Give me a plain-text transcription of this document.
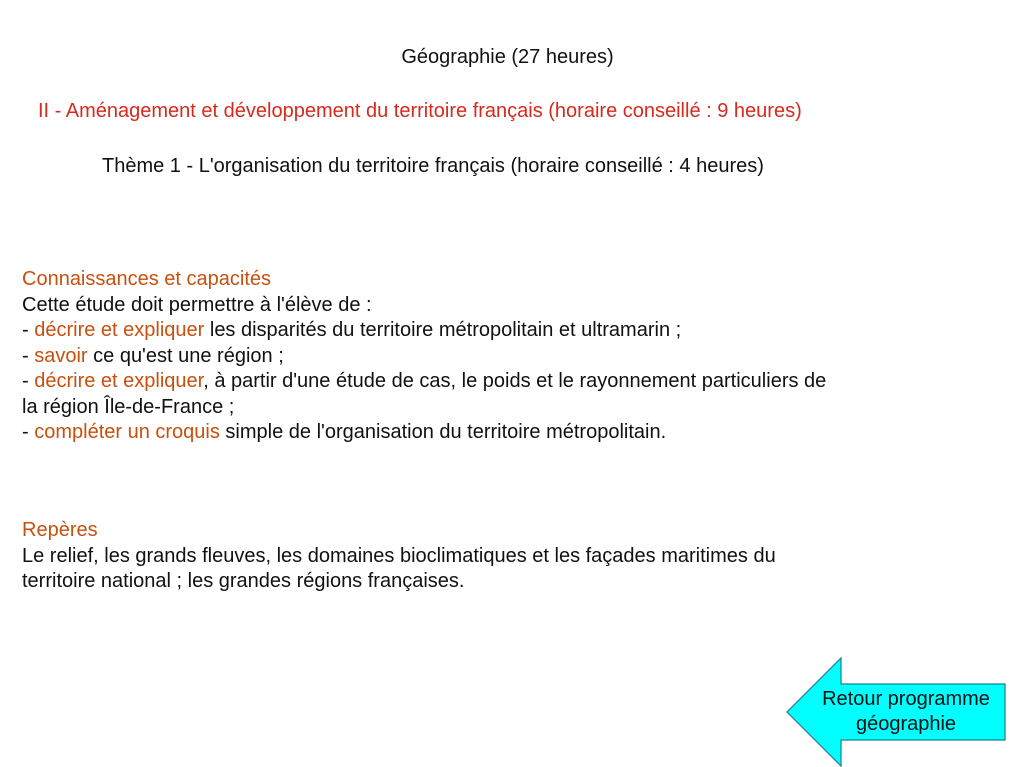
Géographie (27 heures)
II - Aménagement et développement du territoire français (horaire conseillé : 9 heures)
Thème 1 - L'organisation du territoire français (horaire conseillé : 4 heures)
Connaissances et capacités
Cette étude doit permettre à l'élève de :
- décrire et expliquer les disparités du territoire métropolitain et ultramarin ;
- savoir ce qu'est une région ;
- décrire et expliquer, à partir d'une étude de cas, le poids et le rayonnement particuliers de
la région Île-de-France ;
- compléter un croquis simple de l'organisation du territoire métropolitain.
Repères
Le relief, les grands fleuves, les domaines bioclimatiques et les façades maritimes du
territoire national ; les grandes régions françaises.
Retour programme
géographie
